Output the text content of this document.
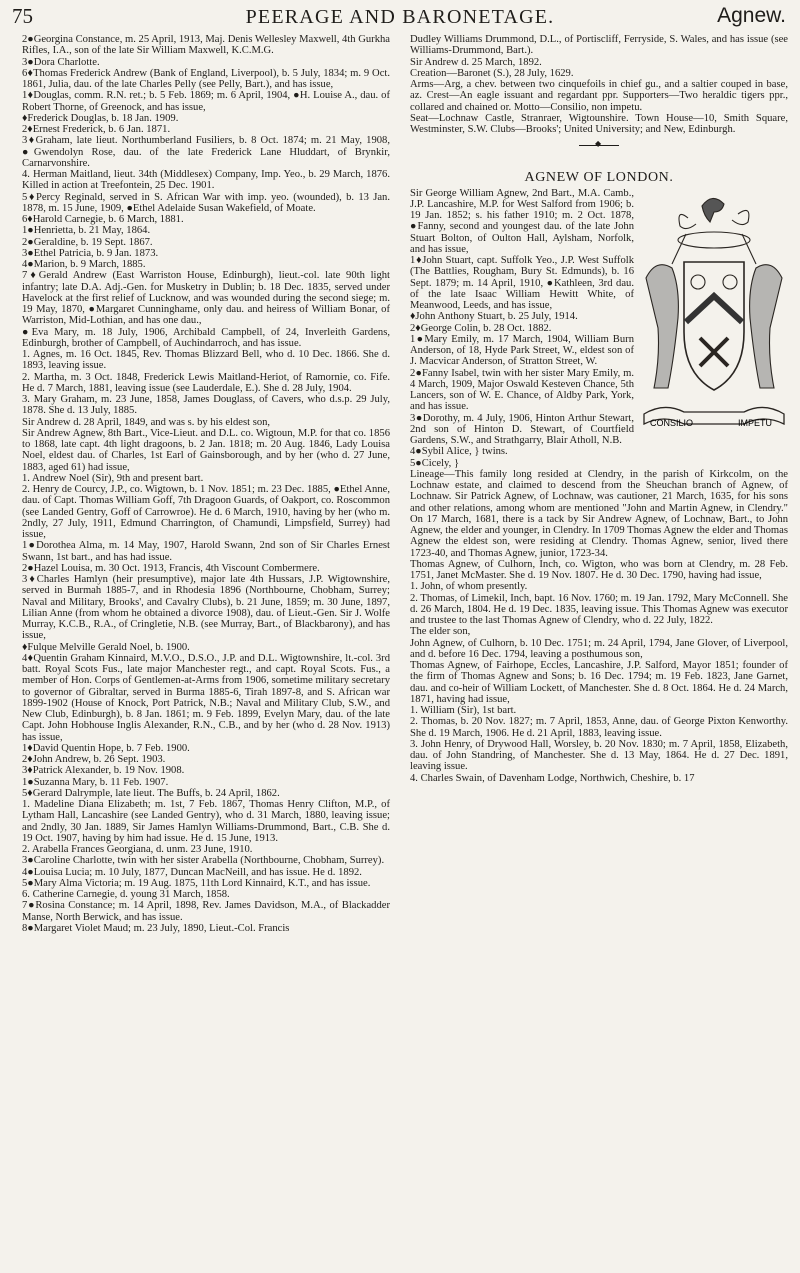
75	PEERAGE AND BARONETAGE.	Agnew.

2●Georgina Constance, m. 25 April, 1913, Maj. Denis Wellesley Maxwell, 4th Gurkha Rifles, I.A., son of the late Sir William Maxwell, K.C.M.G.

3●Dora Charlotte.

6♦Thomas Frederick Andrew (Bank of England, Liverpool), b. 5 July, 1834; m. 9 Oct. 1861, Julia, dau. of the late Charles Pelly (see Pelly, Bart.), and has issue,

1♦Douglas, comm. R.N. ret.; b. 5 Feb. 1869; m. 6 April, 1904, ●H. Louise A., dau. of Robert Thorne, of Greenock, and has issue,

♦Frederick Douglas, b. 18 Jan. 1909.

2♦Ernest Frederick, b. 6 Jan. 1871.

3♦Graham, late lieut. Northumberland Fusiliers, b. 8 Oct. 1874; m. 21 May, 1908, ●Gwendolyn Rose, dau. of the late Frederick Lane Hluddart, of Brynkir, Carnarvonshire.

4. Herman Maitland, lieut. 34th (Middlesex) Company, Imp. Yeo., b. 29 March, 1876. Killed in action at Treefontein, 25 Dec. 1901.

5♦Percy Reginald, served in S. African War with imp. yeo. (wounded), b. 13 Jan. 1878, m. 15 June, 1909, ●Ethel Adelaide Susan Wakefield, of Moate.

6♦Harold Carnegie, b. 6 March, 1881.

1●Henrietta, b. 21 May, 1864.

2●Geraldine, b. 19 Sept. 1867.

3●Ethel Patricia, b. 9 Jan. 1873.

4●Marion, b. 9 March, 1885.

7♦Gerald Andrew (East Warriston House, Edinburgh), lieut.-col. late 90th light infantry; late D.A. Adj.-Gen. for Musketry in Dublin; b. 18 Dec. 1835, served under Havelock at the first relief of Lucknow, and was wounded during the second siege; m. 19 May, 1870, ●Margaret Cunninghame, only dau. and heiress of William Bonar, of Warriston, Mid-Lothian, and has one dau.,

●Eva Mary, m. 18 July, 1906, Archibald Campbell, of 24, Inverleith Gardens, Edinburgh, brother of Campbell, of Auchindarroch, and has issue.

1. Agnes, m. 16 Oct. 1845, Rev. Thomas Blizzard Bell, who d. 10 Dec. 1866. She d. 1893, leaving issue.

2. Martha, m. 3 Oct. 1848, Frederick Lewis Maitland-Heriot, of Ramornie, co. Fife. He d. 7 March, 1881, leaving issue (see Lauderdale, E.). She d. 28 July, 1904.

3. Mary Graham, m. 23 June, 1858, James Douglass, of Cavers, who d.s.p. 29 July, 1878. She d. 13 July, 1885.

Sir Andrew d. 28 April, 1849, and was s. by his eldest son,

Sir Andrew Agnew, 8th Bart., Vice-Lieut. and D.L. co. Wigtoun, M.P. for that co. 1856 to 1868, late capt. 4th light dragoons, b. 2 Jan. 1818; m. 20 Aug. 1846, Lady Louisa Noel, eldest dau. of Charles, 1st Earl of Gainsborough, and by her (who d. 27 June, 1883, aged 61) had issue,

1. Andrew Noel (Sir), 9th and present bart.

2. Henry de Courcy, J.P., co. Wigtown, b. 1 Nov. 1851; m. 23 Dec. 1885, ●Ethel Anne, dau. of Capt. Thomas William Goff, 7th Dragoon Guards, of Oakport, co. Roscommon (see Landed Gentry, Goff of Carrowroe). He d. 6 March, 1910, having by her (who m. 2ndly, 27 July, 1911, Edmund Charrington, of Chamundi, Limpsfield, Surrey) had issue,

1●Dorothea Alma, m. 14 May, 1907, Harold Swann, 2nd son of Sir Charles Ernest Swann, 1st bart., and has had issue.

2●Hazel Louisa, m. 30 Oct. 1913, Francis, 4th Viscount Combermere.

3♦Charles Hamlyn (heir presumptive), major late 4th Hussars, J.P. Wigtownshire, served in Burmah 1885-7, and in Rhodesia 1896 (Northbourne, Chobham, Surrey; Naval and Military, Brooks', and Cavalry Clubs), b. 21 June, 1859; m. 30 June, 1897, Lilian Anne (from whom he obtained a divorce 1908), dau. of Lieut.-Gen. Sir J. Wolfe Murray, K.C.B., R.A., of Cringletie, N.B. (see Murray, Bart., of Blackbarony), and has issue,

♦Fulque Melville Gerald Noel, b. 1900.

4♦Quentin Graham Kinnaird, M.V.O., D.S.O., J.P. and D.L. Wigtownshire, lt.-col. 3rd batt. Royal Scots Fus., late major Manchester regt., and capt. Royal Scots. Fus., a member of Hon. Corps of Gentlemen-at-Arms from 1906, sometime military secretary to governor of Gibraltar, served in Burma 1885-6, Tirah 1897-8, and S. African war 1899-1902 (House of Knock, Port Patrick, N.B.; Naval and Military Club, S.W., and New Club, Edinburgh), b. 8 Jan. 1861; m. 9 Feb. 1899, Evelyn Mary, dau. of the late Capt. John Hobhouse Inglis Alexander, R.N., C.B., and by her (who d. 28 Nov. 1913) has issue,

1♦David Quentin Hope, b. 7 Feb. 1900.

2♦John Andrew, b. 26 Sept. 1903.

3♦Patrick Alexander, b. 19 Nov. 1908.

1●Suzanna Mary, b. 11 Feb. 1907.

5♦Gerard Dalrymple, late lieut. The Buffs, b. 24 April, 1862.

1. Madeline Diana Elizabeth; m. 1st, 7 Feb. 1867, Thomas Henry Clifton, M.P., of Lytham Hall, Lancashire (see Landed Gentry), who d. 31 March, 1880, leaving issue; and 2ndly, 30 Jan. 1889, Sir James Hamlyn Williams-Drummond, Bart., C.B. She d. 19 Oct. 1907, having by him had issue. He d. 15 June, 1913.

2. Arabella Frances Georgiana, d. unm. 23 June, 1910.

3●Caroline Charlotte, twin with her sister Arabella (Northbourne, Chobham, Surrey).

4●Louisa Lucia; m. 10 July, 1877, Duncan MacNeill, and has issue. He d. 1892.

5●Mary Alma Victoria; m. 19 Aug. 1875, 11th Lord Kinnaird, K.T., and has issue.

6. Catherine Carnegie, d. young 31 March, 1858.

7●Rosina Constance; m. 14 April, 1898, Rev. James Davidson, M.A., of Blackadder Manse, North Berwick, and has issue.

8●Margaret Violet Maud; m. 23 July, 1890, Lieut.-Col. Francis

Dudley Williams Drummond, D.L., of Portiscliff, Ferryside, S. Wales, and has issue (see Williams-Drummond, Bart.).

Sir Andrew d. 25 March, 1892.

Creation—Baronet (S.), 28 July, 1629.

Arms—Arg, a chev. between two cinquefoils in chief gu., and a saltier couped in base, az. Crest—An eagle issuant and regardant ppr. Supporters—Two heraldic tigers ppr., collared and chained or. Motto—Consilio, non impetu.

Seat—Lochnaw Castle, Stranraer, Wigtounshire. Town House—10, Smith Square, Westminster, S.W. Clubs—Brooks'; United University; and New, Edinburgh.

◆
AGNEW OF LONDON.
CONSILIO	IMPETU

Sir George William Agnew, 2nd Bart., M.A. Camb., J.P. Lancashire, M.P. for West Salford from 1906; b. 19 Jan. 1852; s. his father 1910; m. 2 Oct. 1878, ●Fanny, second and youngest dau. of the late John Stuart Bolton, of Oulton Hall, Aylsham, Norfolk, and has issue,

1♦John Stuart, capt. Suffolk Yeo., J.P. West Suffolk (The Battlies, Rougham, Bury St. Edmunds), b. 16 Sept. 1879; m. 14 April, 1910, ●Kathleen, 3rd dau. of the late Isaac William Hewitt White, of Meanwood, Leeds, and has issue,

♦John Anthony Stuart, b. 25 July, 1914.

2♦George Colin, b. 28 Oct. 1882.

1●Mary Emily, m. 17 March, 1904, William Burn Anderson, of 18, Hyde Park Street, W., eldest son of J. Macvicar Anderson, of Stratton Street, W.

2●Fanny Isabel, twin with her sister Mary Emily, m. 4 March, 1909, Major Oswald Kesteven Chance, 5th Lancers, son of W. E. Chance, of Aldby Park, York, and has issue.

3●Dorothy, m. 4 July, 1906, Hinton Arthur Stewart, 2nd son of Hinton D. Stewart, of Courtfield Gardens, S.W., and Strathgarry, Blair Atholl, N.B.

4●Sybil Alice, } twins.

5●Cicely, }

Lineage—This family long resided at Clendry, in the parish of Kirkcolm, on the Lochnaw estate, and claimed to descend from the Sheuchan branch of Agnew, of Lochnaw. Sir Patrick Agnew, of Lochnaw, was cautioner, 21 March, 1635, for his sons and other relations, among whom are mentioned "John and Martin Agnew, in Clendry." On 17 March, 1681, there is a tack by Sir Andrew Agnew, of Lochnaw, Bart., to John Agnew, the elder and younger, in Clendry. In 1709 Thomas Agnew the elder and Thomas Agnew the eldest son, were residing at Clendry. Thomas Agnew, senior, lived there 1723-40, and Thomas Agnew, junior, 1723-34.

Thomas Agnew, of Culhorn, Inch, co. Wigton, who was born at Clendry, m. 28 Feb. 1751, Janet McMaster. She d. 19 Nov. 1807. He d. 30 Dec. 1790, having had issue,

1. John, of whom presently.

2. Thomas, of Limekil, Inch, bapt. 16 Nov. 1760; m. 19 Jan. 1792, Mary McConnell. She d. 26 March, 1804. He d. 19 Dec. 1835, leaving issue. This Thomas Agnew was executor and trustee to the last Thomas Agnew of Clendry, who d. 22 July, 1822.

The elder son,

John Agnew, of Culhorn, b. 10 Dec. 1751; m. 24 April, 1794, Jane Glover, of Liverpool, and d. before 16 Dec. 1794, leaving a posthumous son,

Thomas Agnew, of Fairhope, Eccles, Lancashire, J.P. Salford, Mayor 1851; founder of the firm of Thomas Agnew and Sons; b. 16 Dec. 1794; m. 19 Feb. 1823, Jane Garnet, dau. and co-heir of William Lockett, of Manchester. She d. 8 Oct. 1864. He d. 24 March, 1871, having had issue,

1. William (Sir), 1st bart.

2. Thomas, b. 20 Nov. 1827; m. 7 April, 1853, Anne, dau. of George Pixton Kenworthy. She d. 19 March, 1906. He d. 21 April, 1883, leaving issue.

3. John Henry, of Drywood Hall, Worsley, b. 20 Nov. 1830; m. 7 April, 1858, Elizabeth, dau. of John Standring, of Manchester. She d. 13 May, 1864. He d. 27 Dec. 1891, leaving issue.

4. Charles Swain, of Davenham Lodge, Northwich, Cheshire, b. 17
